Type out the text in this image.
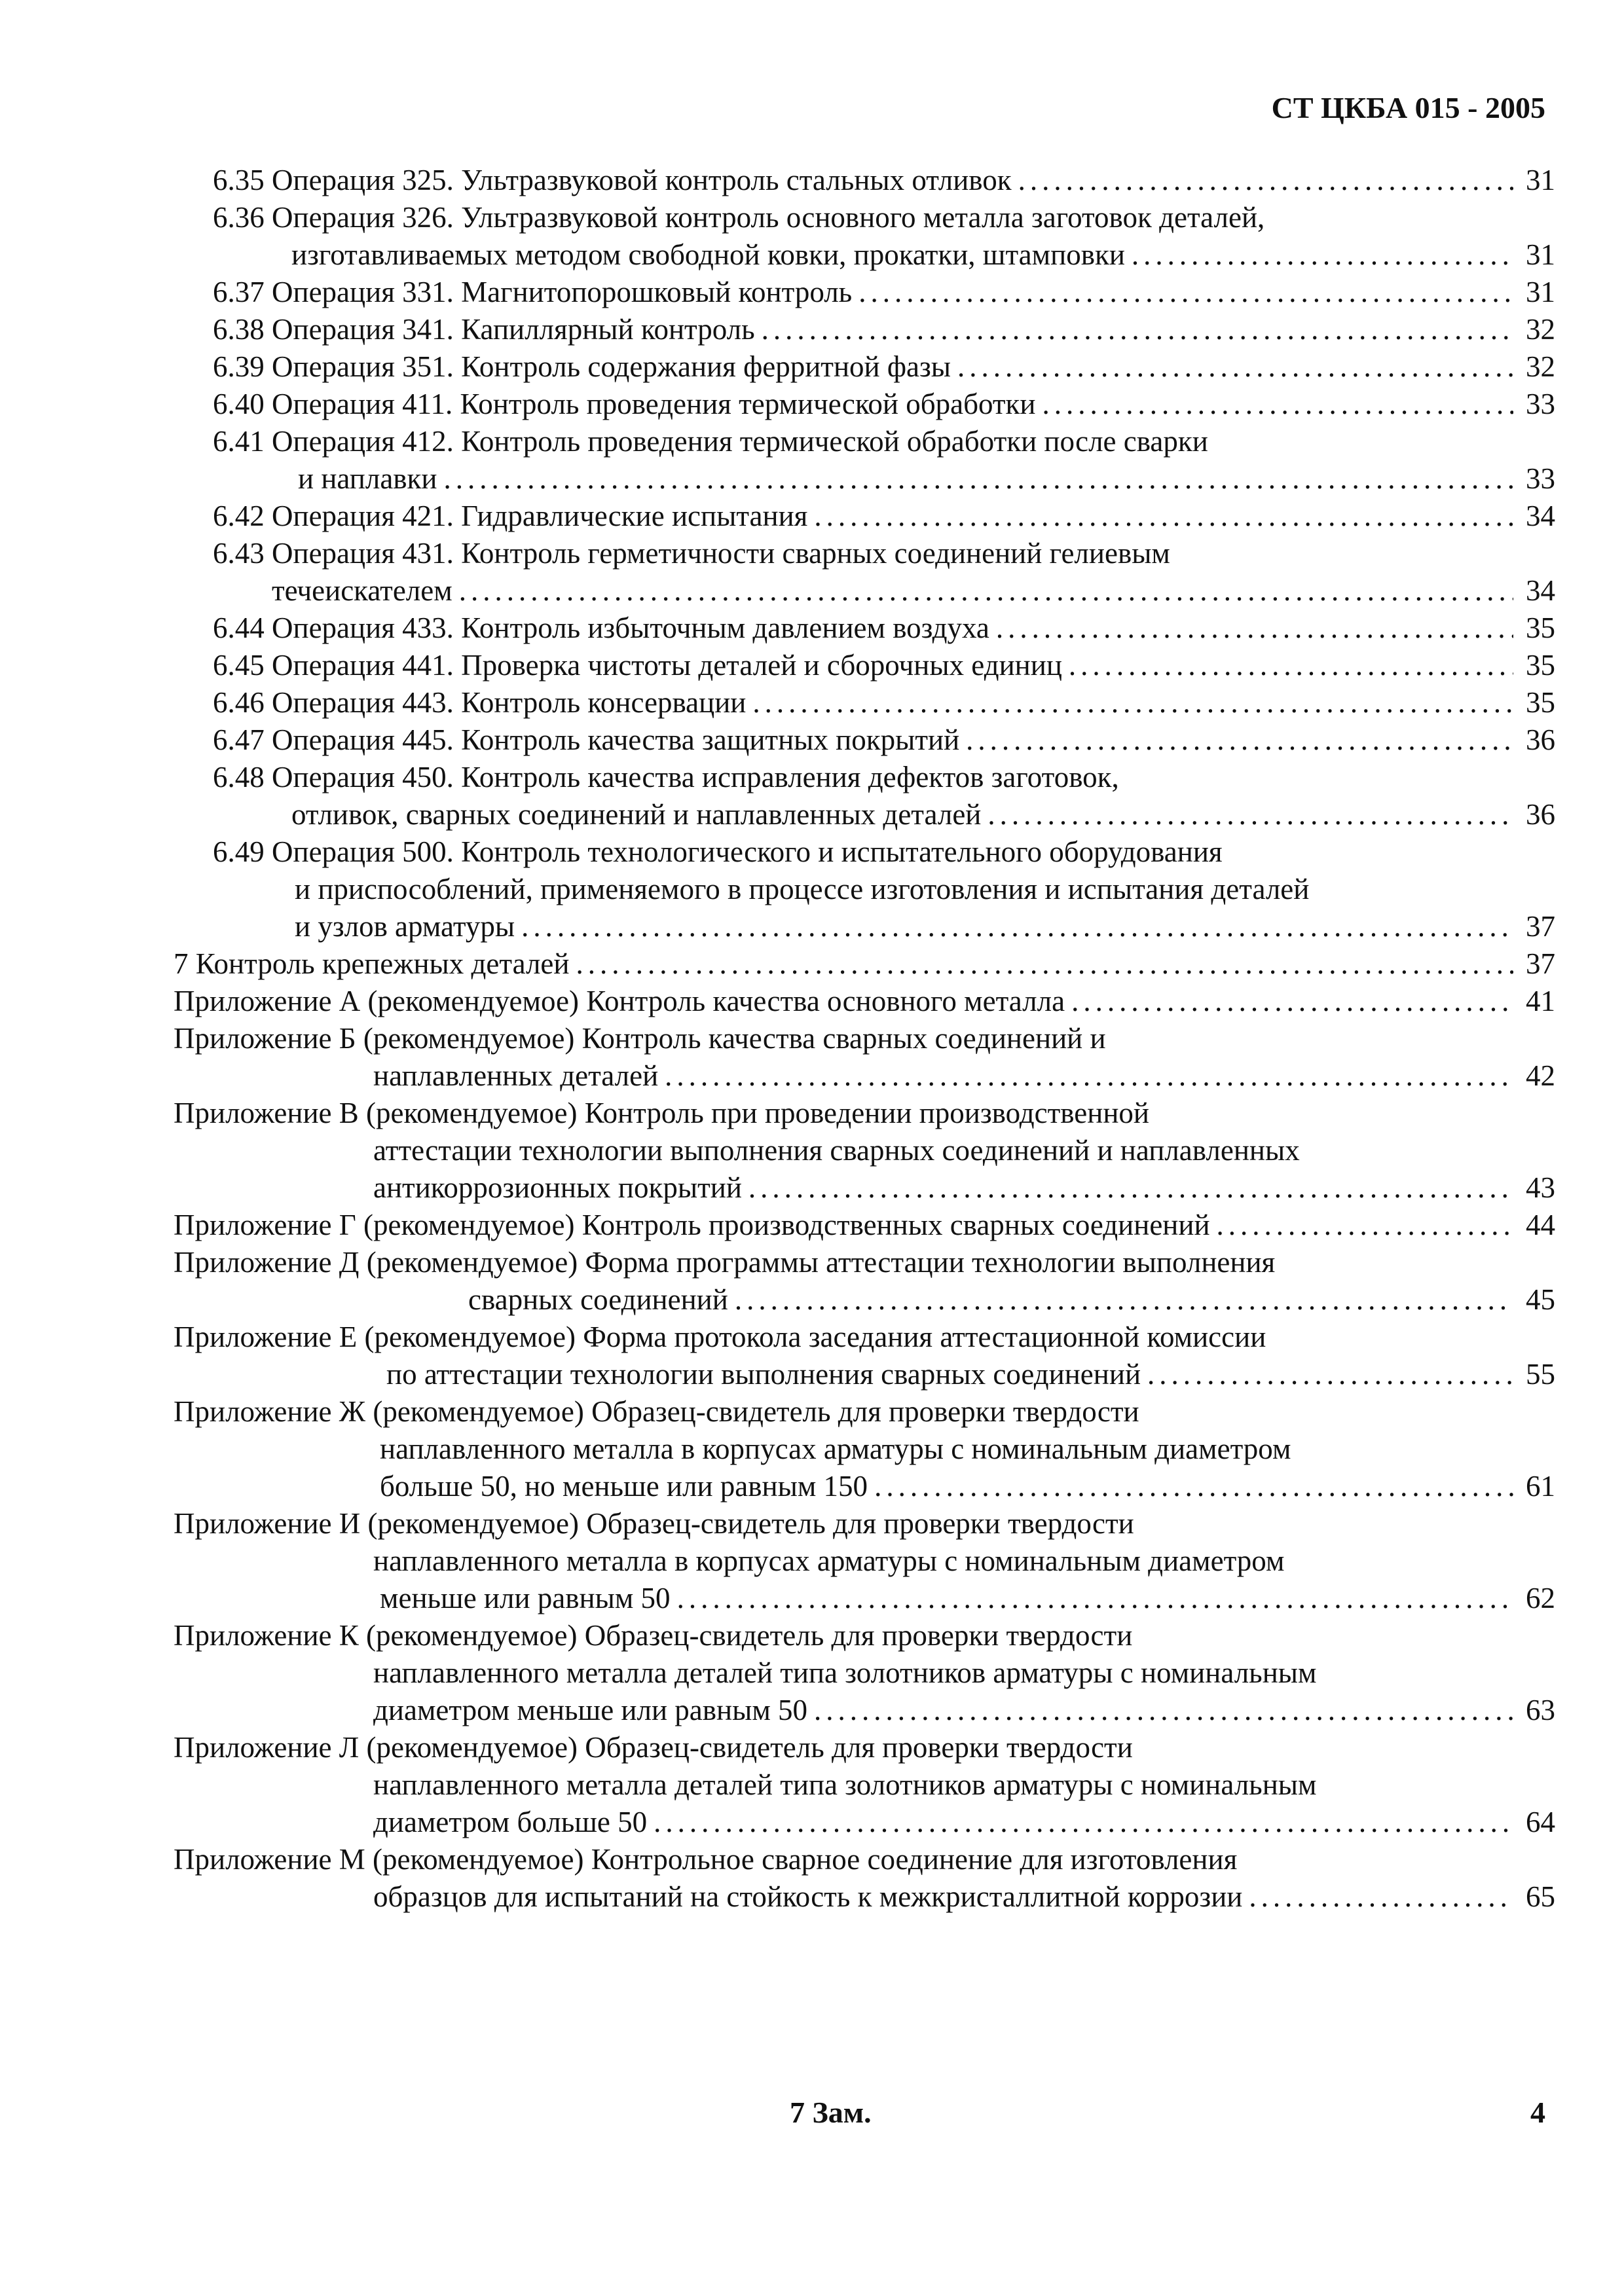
СТ ЦКБА 015 - 2005
6.35 Операция 325. Ультразвуковой контроль стальных отливок .....	31
6.36 Операция 326. Ультразвуковой контроль основного металла заготовок деталей,
изготавливаемых методом свободной ковки, прокатки, штамповки .....	31
6.37 Операция 331. Магнитопорошковый контроль .....	31
6.38 Операция 341. Капиллярный контроль .....	32
6.39 Операция 351. Контроль содержания ферритной фазы .....	32
6.40 Операция 411. Контроль проведения термической обработки .....	33
6.41 Операция 412. Контроль проведения термической обработки после сварки
и наплавки .....	33
6.42 Операция 421. Гидравлические испытания .....	34
6.43 Операция 431. Контроль герметичности сварных соединений гелиевым
течеискателем .....	34
6.44 Операция 433. Контроль избыточным давлением воздуха .....	35
6.45 Операция 441. Проверка чистоты деталей и сборочных единиц .....	35
6.46 Операция 443. Контроль консервации .....	35
6.47 Операция 445. Контроль качества защитных покрытий .....	36
6.48 Операция 450. Контроль качества исправления дефектов заготовок,
отливок, сварных соединений и наплавленных деталей .....	36
6.49 Операция 500. Контроль технологического и испытательного оборудования
и приспособлений, применяемого в процессе изготовления и испытания деталей
и узлов арматуры .....	37
7 Контроль крепежных деталей .....	37
Приложение А (рекомендуемое) Контроль качества основного металла .....	41
Приложение Б (рекомендуемое) Контроль качества сварных соединений и
наплавленных деталей .....	42
Приложение В (рекомендуемое) Контроль при проведении производственной
аттестации технологии выполнения сварных соединений и наплавленных
антикоррозионных покрытий .....	43
Приложение Г (рекомендуемое) Контроль производственных сварных соединений .....	44
Приложение Д (рекомендуемое) Форма программы аттестации технологии выполнения
сварных соединений .....	45
Приложение Е (рекомендуемое) Форма протокола заседания аттестационной комиссии
по аттестации технологии выполнения сварных соединений .....	55
Приложение Ж (рекомендуемое) Образец-свидетель для проверки твердости
наплавленного металла в корпусах арматуры с номинальным диаметром
больше 50, но меньше или равным 150 .....	61
Приложение И (рекомендуемое) Образец-свидетель для проверки твердости
наплавленного металла в корпусах арматуры с номинальным диаметром
меньше или равным 50 .....	62
Приложение К (рекомендуемое) Образец-свидетель для проверки твердости
наплавленного металла деталей типа золотников арматуры с номинальным
диаметром меньше или равным 50 .....	63
Приложение Л (рекомендуемое) Образец-свидетель для проверки твердости
наплавленного металла деталей типа золотников арматуры с номинальным
диаметром больше 50 .....	64
Приложение М (рекомендуемое) Контрольное сварное соединение для изготовления
образцов для испытаний на стойкость к межкристаллитной коррозии .....	65
7 Зам.	4
